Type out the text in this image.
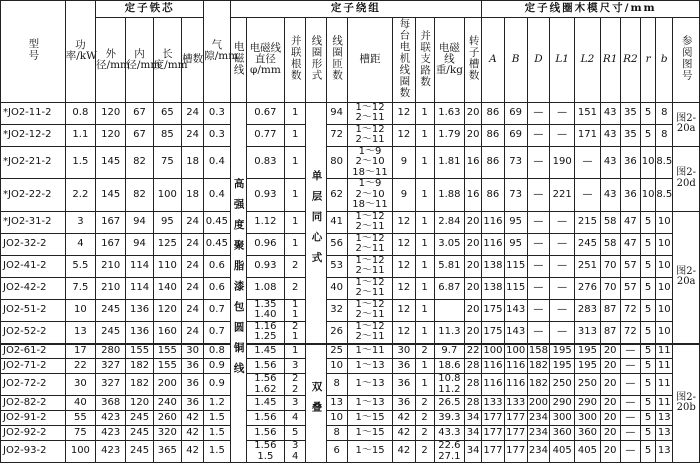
型号	功率/kW	定子铁芯				气隙/mm	定子绕组										定子线圈木模尺寸/mm									
		外径/mm	内径/mm	长度/mm	槽数		电磁线	电磁线直径φ/mm	并联根数	线圈形式	线圈匝数	槽距	每台电机线圈数	并联支路数	电磁线重/kg	转子槽数	A	B	D	L1	L2	R1	R2	r	b	参阅图号

*JO2-11-2	0.8	120	67	65	24	0.3	高强度聚脂漆包圆铜线	0.67	1	单层同心式	94	1～12
2～11	12	1	1.63	20	86	69	—	—	151	43	35	5	8	图2-20a
*JO2-12-2	1.1	120	67	85	24	0.3		0.77	1		72	1～12
2～11	12	1	1.79	20	86	69	—	—	171	43	35	5	8	
*JO2-21-2	1.5	145	82	75	18	0.4		0.83	1		80	1～9
2～10
18～11	9	1	1.81	16	86	73	—	190	—	43	36	10	8.5	图2-20d
*JO2-22-2	2.2	145	82	100	18	0.4		0.93	1		62	1～9
2～10
18～11	9	1	1.88	16	86	73	—	221	—	43	36	10	8.5	
*JO2-31-2	3	167	94	95	24	0.45		1.12	1		41	1～12
2～11	12	1	2.84	20	116	95	—	—	215	58	47	5	10	图2-20a
JO2-32-2	4	167	94	125	24	0.45		0.96	1		56	1～12
2～11	12	1	3.05	20	116	95	—	—	245	58	47	5	10	
JO2-41-2	5.5	210	114	110	24	0.6		0.93	2		53	1～12
2～11	12	1	5.81	20	138	115	—	—	251	70	57	5	10	
JO2-42-2	7.5	210	114	140	24	0.6		1.08	2		40	1～12
2～11	12	1	6.87	20	138	115	—	—	276	70	57	5	10	
JO2-51-2	10	245	136	120	24	0.7		1.35
1.40	1
1		32	1～12
2～11	12	1		20	175	143	—	—	283	87	72	5	10	
JO2-52-2	13	245	136	160	24	0.7		1.16
1.25	2
1		26	1～12
2～11	12	1	11.3	20	175	143	—	—	313	87	72	5	10	
JO2-61-2	17	280	155	155	30	0.8		1.45	1	双叠	25	1～11	30	2	9.7	22	100	100	158	195	195	20	—	5	11	图2-20b
JO2-71-2	22	327	182	155	36	0.9		1.56	3		10	1～13	36	1	18.6	28	116	116	182	195	195	20	—	5	11	
JO2-72-2	30	327	182	200	36	0.9		1.56
1.62	2
2		8	1～13	36	1	10.8
11.2	28	116	116	182	250	250	20	—	5	11	
JO2-82-2	40	368	120	240	36	1.2		1.45	3		13	1～13	36	2	26.5	28	133	133	200	290	290	20	—	5	11	
JO2-91-2	55	423	245	260	42	1.5		1.56	4		10	1～15	42	2	39.3	34	177	177	234	300	300	20	—	5	13	
JO2-92-2	75	423	245	320	42	1.5		1.56	5		8	1～15	42	2	43.3	34	177	177	234	360	360	20	—	5	13	
JO2-93-2	100	423	245	365	42	1.5		1.56
1.5	3
4		6	1～15	42	2	22.6
27.1	34	177	177	234	405	405	20	—	5	13	
